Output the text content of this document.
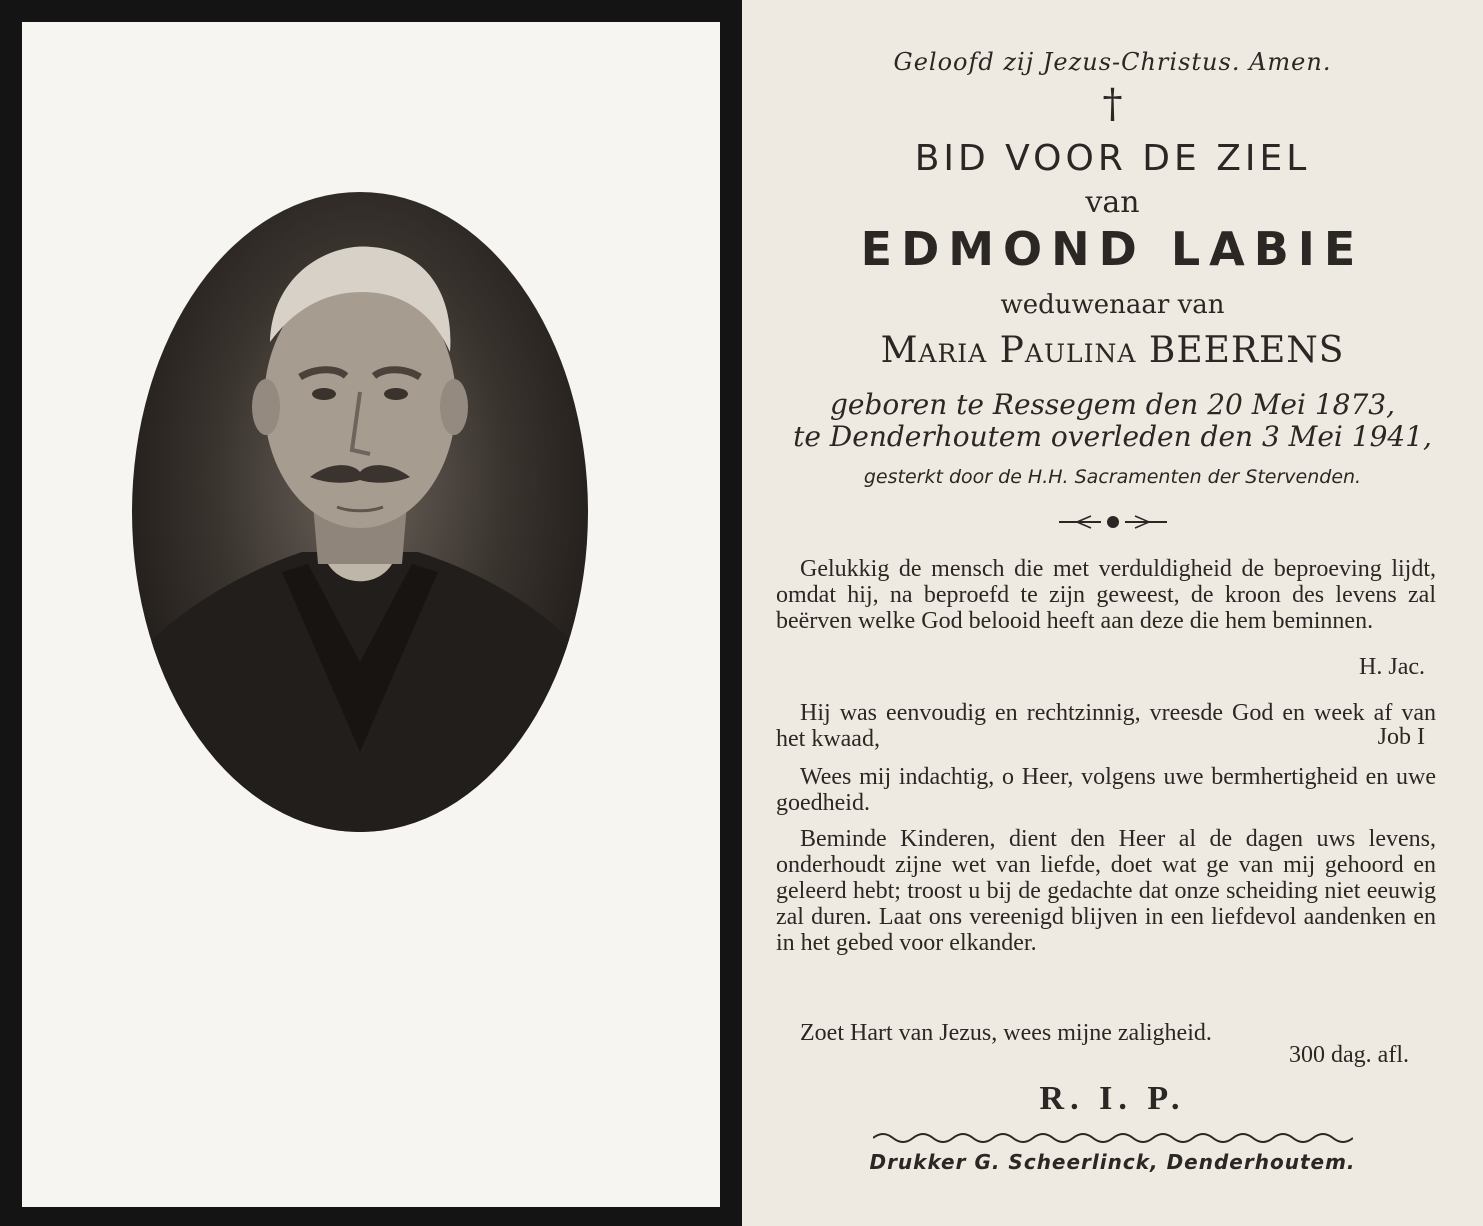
Geloofd zij Jezus-Christus. Amen.
†
BID VOOR DE ZIEL
van
EDMOND LABIE
weduwenaar van
Maria Paulina BEERENS
geboren te Ressegem den 20 Mei 1873,
te Denderhoutem overleden den 3 Mei 1941,
gesterkt door de H.H. Sacramenten der Stervenden.

Gelukkig de mensch die met verduldigheid de beproeving lijdt, omdat hij, na beproefd te zijn geweest, de kroon des levens zal beërven welke God belooid heeft aan deze die hem beminnen.

H. Jac.

Hij was eenvoudig en rechtzinnig, vreesde God en week af van het kwaad,	Job I

Wees mij indachtig, o Heer, volgens uwe bermhertigheid en uwe goedheid.

Beminde Kinderen, dient den Heer al de dagen uws levens, onderhoudt zijne wet van liefde, doet wat ge van mij gehoord en geleerd hebt; troost u bij de gedachte dat onze scheiding niet eeuwig zal duren. Laat ons vereenigd blijven in een liefdevol aandenken en in het gebed voor elkander.

Zoet Hart van Jezus, wees mijne zaligheid.

300 dag. afl.
R. I. P.
Drukker G. Scheerlinck, Denderhoutem.
